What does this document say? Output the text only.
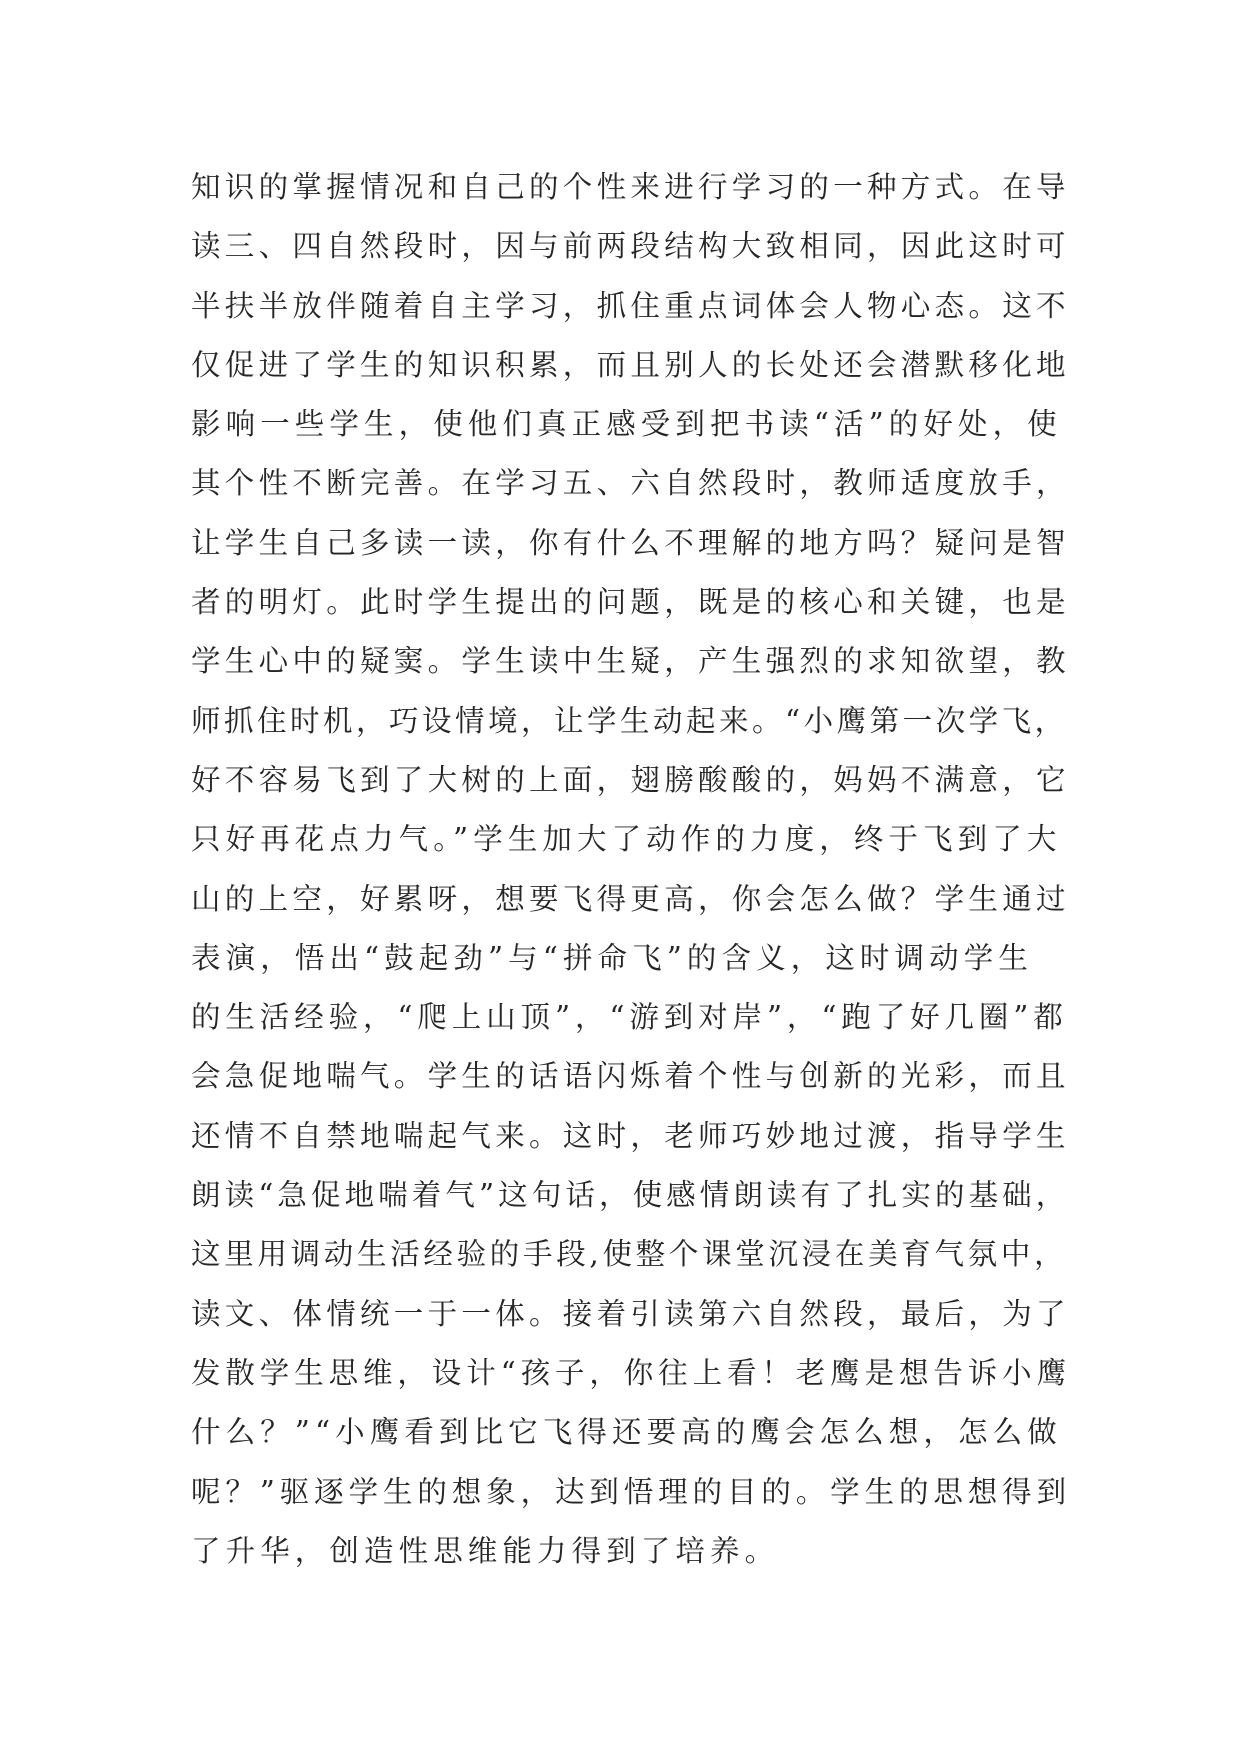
知识的掌握情况和自己的个性来进行学习的一种方式。在导
读三、四自然段时，因与前两段结构大致相同，因此这时可
半扶半放伴随着自主学习，抓住重点词体会人物心态。这不
仅促进了学生的知识积累，而且别人的长处还会潜默移化地
影响一些学生，使他们真正感受到把书读“活”的好处，使
其个性不断完善。在学习五、六自然段时，教师适度放手，
让学生自己多读一读，你有什么不理解的地方吗？疑问是智
者的明灯。此时学生提出的问题，既是的核心和关键，也是
学生心中的疑窦。学生读中生疑，产生强烈的求知欲望，教
师抓住时机，巧设情境，让学生动起来。“小鹰第一次学飞，
好不容易飞到了大树的上面，翅膀酸酸的，妈妈不满意，它
只好再花点力气。”学生加大了动作的力度，终于飞到了大
山的上空，好累呀，想要飞得更高，你会怎么做？学生通过
表演，悟出“鼓起劲”与“拼命飞”的含义，这时调动学生
的生活经验，“爬上山顶”，“游到对岸”，“跑了好几圈”都
会急促地喘气。学生的话语闪烁着个性与创新的光彩，而且
还情不自禁地喘起气来。这时，老师巧妙地过渡，指导学生
朗读“急促地喘着气”这句话，使感情朗读有了扎实的基础，
这里用调动生活经验的手段,使整个课堂沉浸在美育气氛中，
读文、体情统一于一体。接着引读第六自然段，最后，为了
发散学生思维，设计“孩子，你往上看！老鹰是想告诉小鹰
什么？”“小鹰看到比它飞得还要高的鹰会怎么想，怎么做
呢？”驱逐学生的想象，达到悟理的目的。学生的思想得到
了升华，创造性思维能力得到了培养。
